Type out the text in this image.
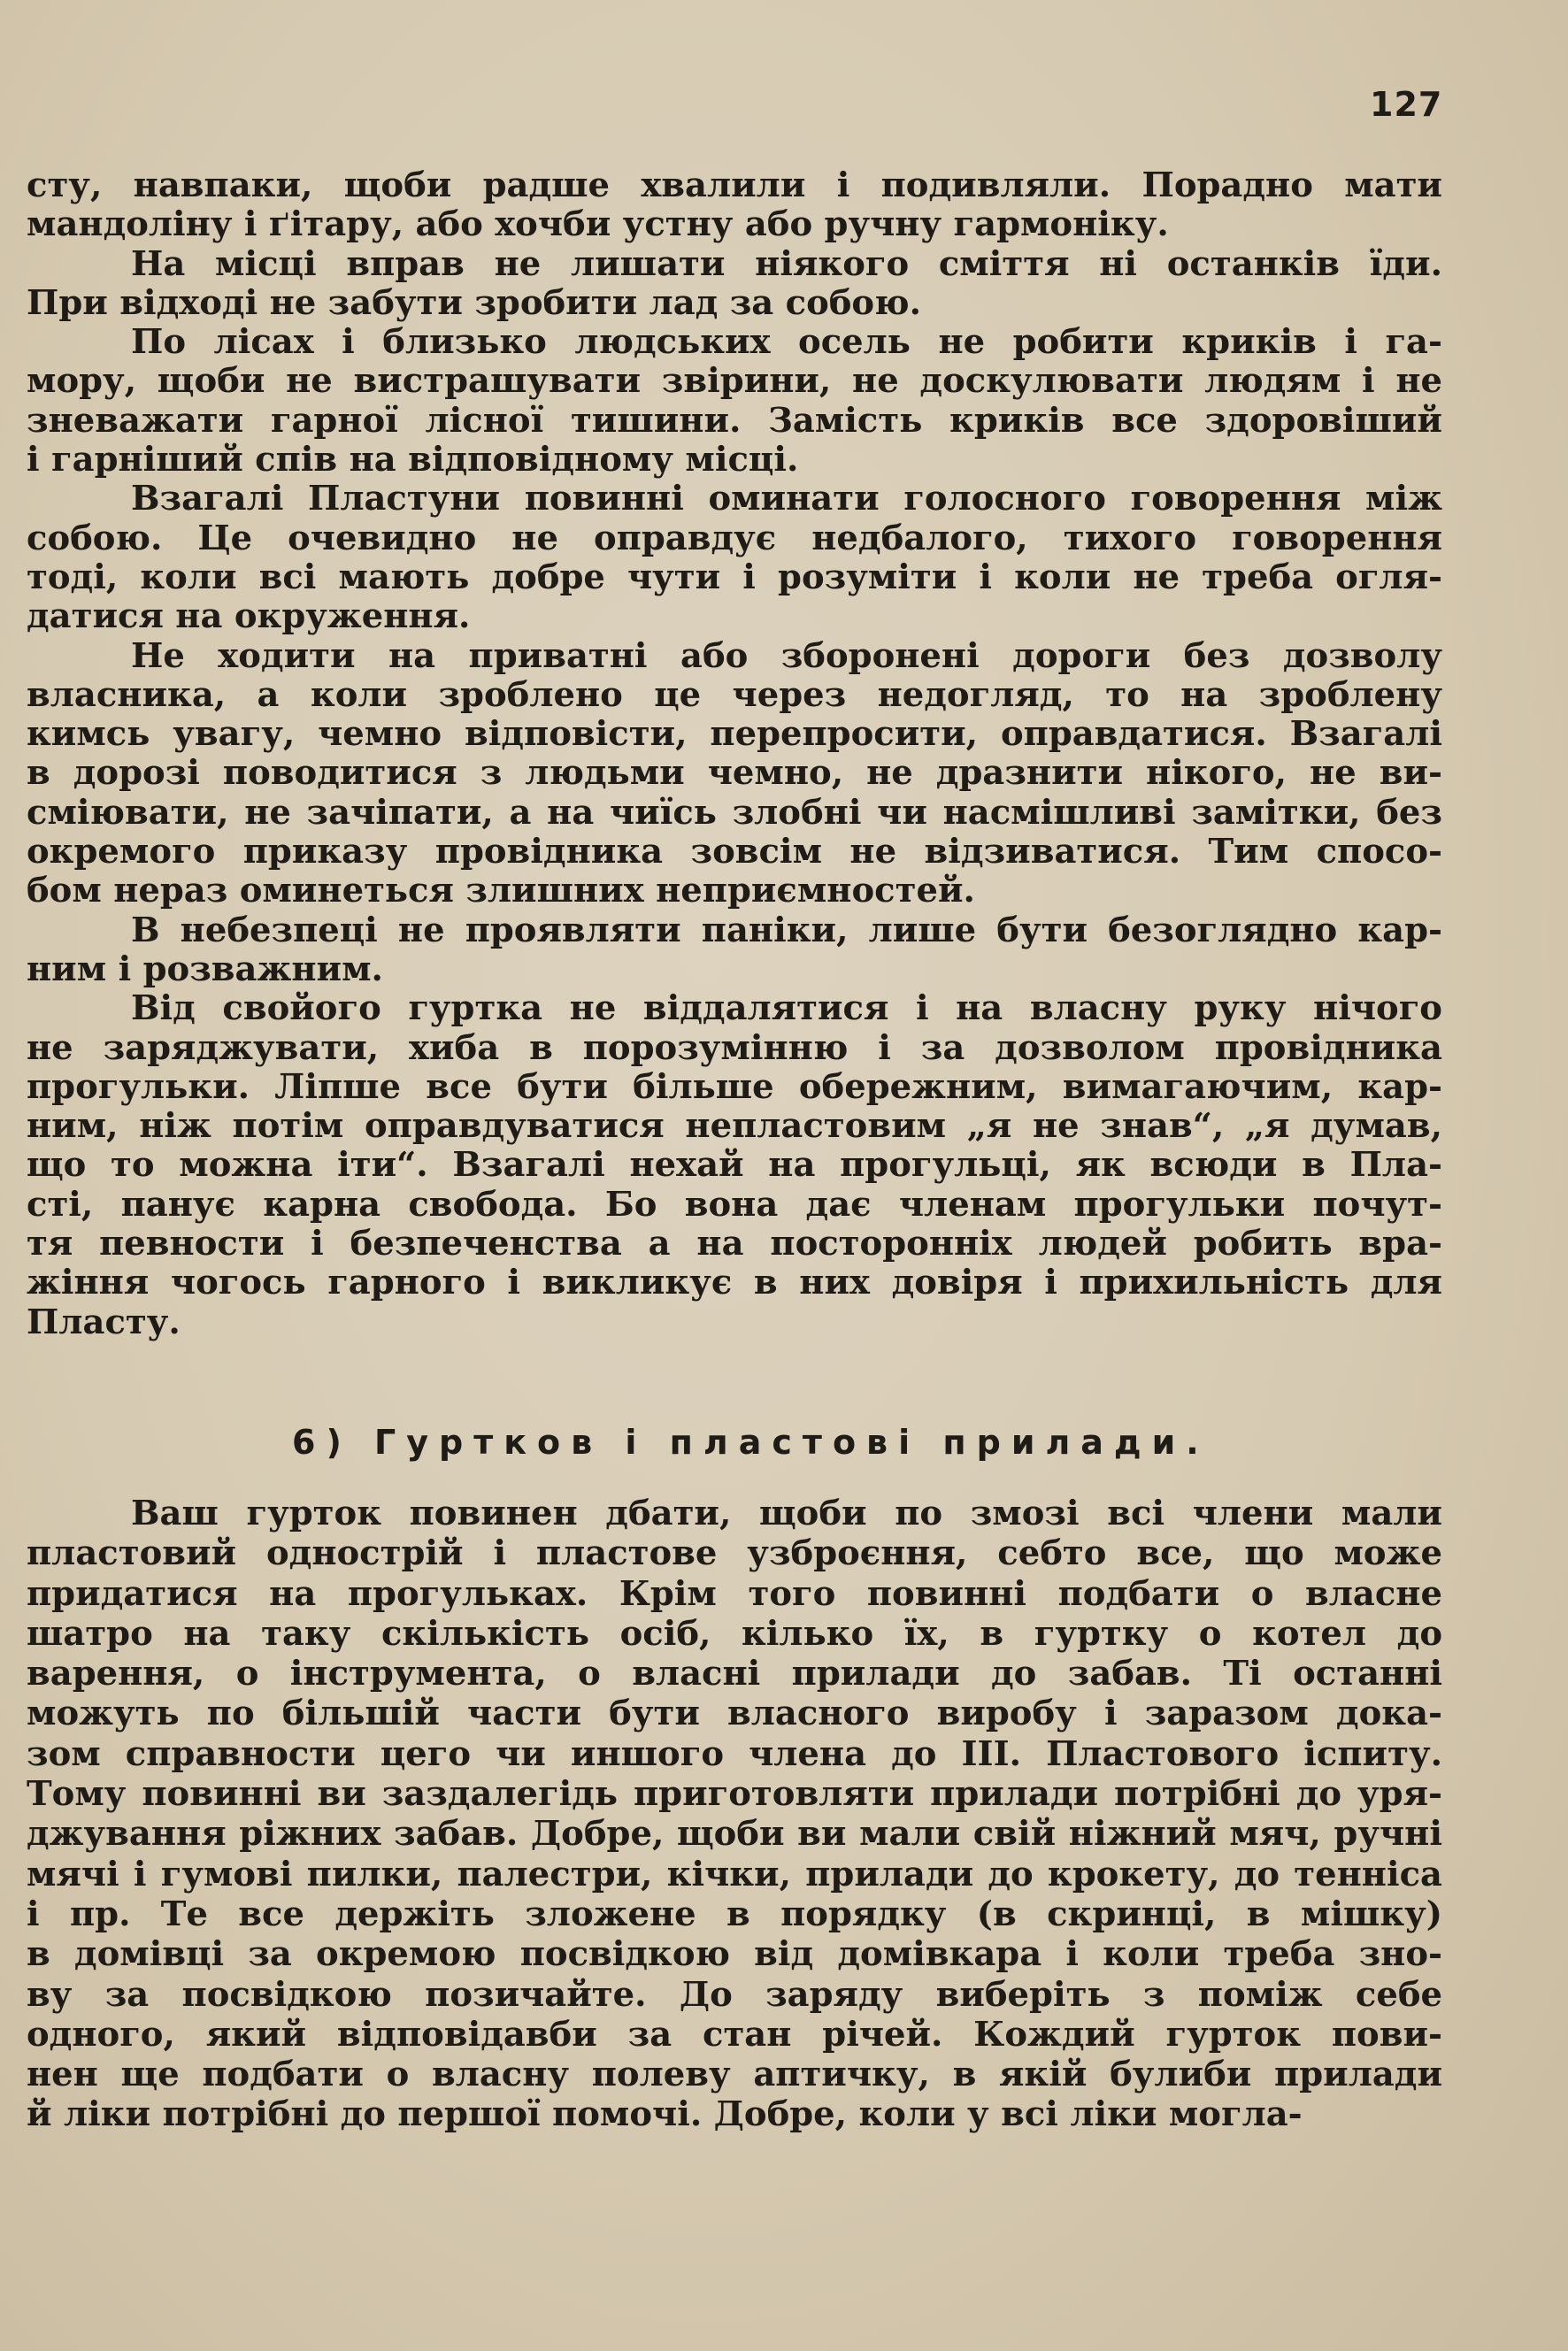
127
сту, навпаки, щоби радше хвалили і подивляли. Порадно мати
мандоліну і ґітару, або хочби устну або ручну гармоніку.
На місці вправ не лишати ніякого сміття ні останків їди.
При відході не забути зробити лад за собою.
По лісах і близько людських осель не робити криків і га-
мору, щоби не вистрашувати звірини, не доскулювати людям і не
зневажати гарної лісної тишини. Замість криків все здоровіший
і гарніший спів на відповідному місці.
Взагалі Пластуни повинні оминати голосного говорення між
собою. Це очевидно не оправдує недбалого, тихого говорення
тоді, коли всі мають добре чути і розуміти і коли не треба огля-
датися на окруження.
Не ходити на приватні або зборонені дороги без дозволу
власника, а коли зроблено це через недогляд, то на зроблену
кимсь увагу, чемно відповісти, перепросити, оправдатися. Взагалі
в дорозі поводитися з людьми чемно, не дразнити нікого, не ви-
сміювати, не зачіпати, а на чиїсь злобні чи насмішливі замітки, без
окремого приказу провідника зовсім не відзиватися. Тим спосо-
бом нераз оминеться злишних неприємностей.
В небезпеці не проявляти паніки, лише бути безоглядно кар-
ним і розважним.
Від свойого гуртка не віддалятися і на власну руку нічого
не заряджувати, хиба в порозумінню і за дозволом провідника
прогульки. Ліпше все бути більше обережним, вимагаючим, кар-
ним, ніж потім оправдуватися непластовим „я не знав“, „я думав,
що то можна іти“. Взагалі нехай на прогульці, як всюди в Пла-
сті, панує карна свобода. Бо вона дає членам прогульки почут-
тя певности і безпеченства а на посторонніх людей робить вра-
жіння чогось гарного і викликує в них довіря і прихильність для
Пласту.
6) Гуртков і пластові прилади.
Ваш гурток повинен дбати, щоби по змозі всі члени мали
пластовий однострій і пластове узброєння, себто все, що може
придатися на прогульках. Крім того повинні подбати о власне
шатро на таку скількість осіб, кілько їх, в гуртку о котел до
варення, о інструмента, о власні прилади до забав. Ті останні
можуть по більшій части бути власного виробу і заразом дока-
зом справности цего чи иншого члена до III. Пластового іспиту.
Тому повинні ви заздалегідь приготовляти прилади потрібні до уря-
джування ріжних забав. Добре, щоби ви мали свій ніжний мяч, ручні
мячі і гумові пилки, палестри, кічки, прилади до крокету, до тенніса
і пр. Те все держіть зложене в порядку (в скринці, в мішку)
в домівці за окремою посвідкою від домівкара і коли треба зно-
ву за посвідкою позичайте. До заряду виберіть з поміж себе
одного, який відповідавби за стан річей. Кождий гурток пови-
нен ще подбати о власну полеву аптичку, в якій булиби прилади
й ліки потрібні до першої помочі. Добре, коли у всі ліки могла-
